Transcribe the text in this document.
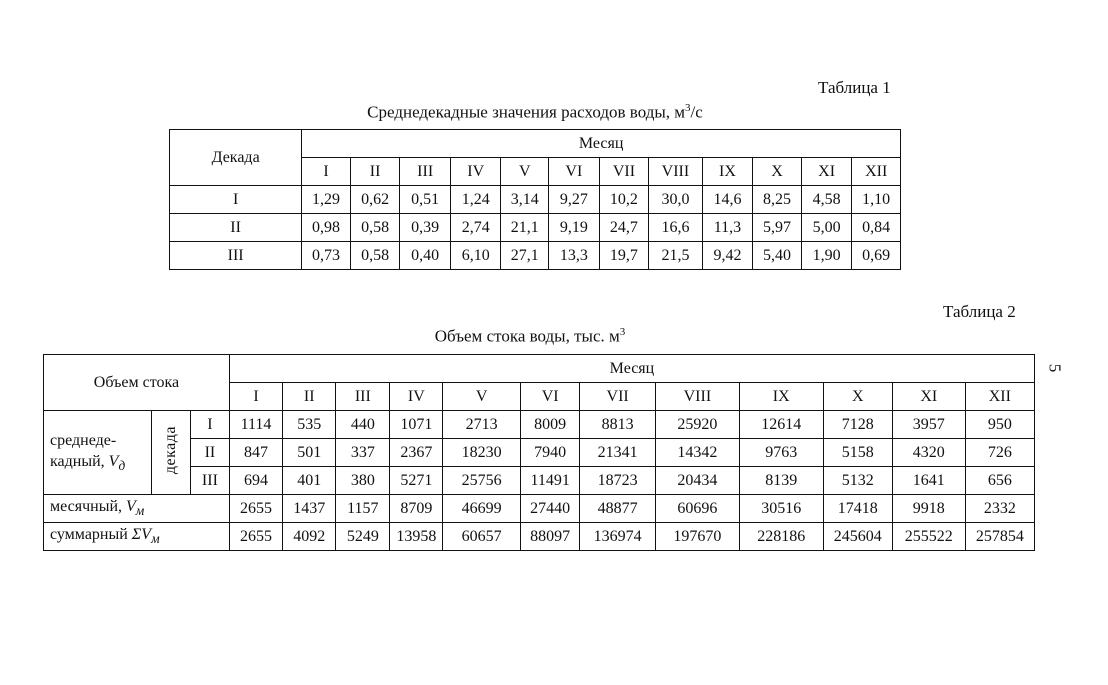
Таблица 1
Среднедекадные значения расходов воды, $м^3/с$
Декада	Месяц											
	I	II	III	IV	V	VI	VII	VIII	IX	X	XI	XII
I	1,29	0,62	0,51	1,24	3,14	9,27	10,2	30,0	14,6	8,25	4,58	1,10
II	0,98	0,58	0,39	2,74	21,1	9,19	24,7	16,6	11,3	5,97	5,00	0,84
III	0,73	0,58	0,40	6,10	27,1	13,3	19,7	21,5	9,42	5,40	1,90	0,69
Таблица 2
Объем стока воды, тыс. $м^3$
Объем стока			Месяц											
			I	II	III	IV	V	VI	VII	VIII	IX	X	XI	XII
среднеде-
кадный, $V_д$	декада	I	1114	535	440	1071	2713	8009	8813	25920	12614	7128	3957	950
		II	847	501	337	2367	18230	7940	21341	14342	9763	5158	4320	726
		III	694	401	380	5271	25756	11491	18723	20434	8139	5132	1641	656
месячный, $V_м$			2655	1437	1157	8709	46699	27440	48877	60696	30516	17418	9918	2332
суммарный $\Sigma V_м$			2655	4092	5249	13958	60657	88097	136974	197670	228186	245604	255522	257854
5
